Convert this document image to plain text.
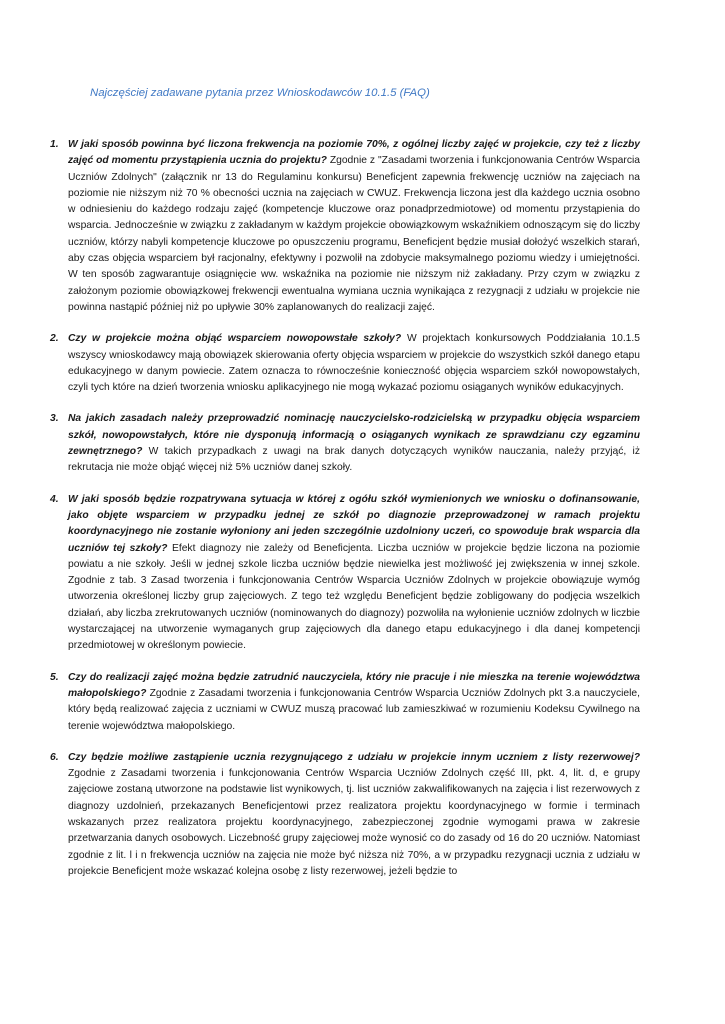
Najczęściej zadawane pytania przez Wnioskodawców 10.1.5 (FAQ)
1. W jaki sposób powinna być liczona frekwencja na poziomie 70%, z ogólnej liczby zajęć w projekcie, czy też z liczby zajęć od momentu przystąpienia ucznia do projektu? Zgodnie z "Zasadami tworzenia i funkcjonowania Centrów Wsparcia Uczniów Zdolnych" (załącznik nr 13 do Regulaminu konkursu) Beneficjent zapewnia frekwencję uczniów na zajęciach na poziomie nie niższym niż 70 % obecności ucznia na zajęciach w CWUZ. Frekwencja liczona jest dla każdego ucznia osobno w odniesieniu do każdego rodzaju zajęć (kompetencje kluczowe oraz ponadprzedmiotowe) od momentu przystąpienia do wsparcia. Jednocześnie w związku z zakładanym w każdym projekcie obowiązkowym wskaźnikiem odnoszącym się do liczby uczniów, którzy nabyli kompetencje kluczowe po opuszczeniu programu, Beneficjent będzie musiał dołożyć wszelkich starań, aby czas objęcia wsparciem był racjonalny, efektywny i pozwolił na zdobycie maksymalnego poziomu wiedzy i umiejętności. W ten sposób zagwarantuje osiągnięcie ww. wskaźnika na poziomie nie niższym niż zakładany. Przy czym w związku z założonym poziomie obowiązkowej frekwencji ewentualna wymiana ucznia wynikająca z rezygnacji z udziału w projekcie nie powinna nastąpić później niż po upływie 30% zaplanowanych do realizacji zajęć.
2. Czy w projekcie można objąć wsparciem nowopowstałe szkoły? W projektach konkursowych Poddziałania 10.1.5 wszyscy wnioskodawcy mają obowiązek skierowania oferty objęcia wsparciem w projekcie do wszystkich szkół danego etapu edukacyjnego w danym powiecie. Zatem oznacza to równocześnie konieczność objęcia wsparciem szkół nowopowstałych, czyli tych które na dzień tworzenia wniosku aplikacyjnego nie mogą wykazać poziomu osiąganych wyników edukacyjnych.
3. Na jakich zasadach należy przeprowadzić nominację nauczycielsko-rodzicielską w przypadku objęcia wsparciem szkół, nowopowstałych, które nie dysponują informacją o osiąganych wynikach ze sprawdzianu czy egzaminu zewnętrznego? W takich przypadkach z uwagi na brak danych dotyczących wyników nauczania, należy przyjąć, iż rekrutacja nie może objąć więcej niż 5% uczniów danej szkoły.
4. W jaki sposób będzie rozpatrywana sytuacja w której z ogółu szkół wymienionych we wniosku o dofinansowanie, jako objęte wsparciem w przypadku jednej ze szkół po diagnozie przeprowadzonej w ramach projektu koordynacyjnego nie zostanie wyłoniony ani jeden szczególnie uzdolniony uczeń, co spowoduje brak wsparcia dla uczniów tej szkoły? Efekt diagnozy nie zależy od Beneficjenta. Liczba uczniów w projekcie będzie liczona na poziomie powiatu a nie szkoły. Jeśli w jednej szkole liczba uczniów będzie niewielka jest możliwość jej zwiększenia w innej szkole. Zgodnie z tab. 3 Zasad tworzenia i funkcjonowania Centrów Wsparcia Uczniów Zdolnych w projekcie obowiązuje wymóg utworzenia określonej liczby grup zajęciowych. Z tego też względu Beneficjent będzie zobligowany do podjęcia wszelkich działań, aby liczba zrekrutowanych uczniów (nominowanych do diagnozy) pozwoliła na wyłonienie uczniów zdolnych w liczbie wystarczającej na utworzenie wymaganych grup zajęciowych dla danego etapu edukacyjnego i dla danej kompetencji przedmiotowej w określonym powiecie.
5. Czy do realizacji zajęć można będzie zatrudnić nauczyciela, który nie pracuje i nie mieszka na terenie województwa małopolskiego? Zgodnie z Zasadami tworzenia i funkcjonowania Centrów Wsparcia Uczniów Zdolnych pkt 3.a nauczyciele, który będą realizować zajęcia z uczniami w CWUZ muszą pracować lub zamieszkiwać w rozumieniu Kodeksu Cywilnego na terenie województwa małopolskiego.
6. Czy będzie możliwe zastąpienie ucznia rezygnującego z udziału w projekcie innym uczniem z listy rezerwowej? Zgodnie z Zasadami tworzenia i funkcjonowania Centrów Wsparcia Uczniów Zdolnych część III, pkt. 4, lit. d, e grupy zajęciowe zostaną utworzone na podstawie list wynikowych, tj. list uczniów zakwalifikowanych na zajęcia i list rezerwowych z diagnozy uzdolnień, przekazanych Beneficjentowi przez realizatora projektu koordynacyjnego w formie i terminach wskazanych przez realizatora projektu koordynacyjnego, zabezpieczonej zgodnie wymogami prawa w zakresie przetwarzania danych osobowych. Liczebność grupy zajęciowej może wynosić co do zasady od 16 do 20 uczniów. Natomiast zgodnie z lit. l i n frekwencja uczniów na zajęcia nie może być niższa niż 70%, a w przypadku rezygnacji ucznia z udziału w projekcie Beneficjent może wskazać kolejna osobę z listy rezerwowej, jeżeli będzie to
